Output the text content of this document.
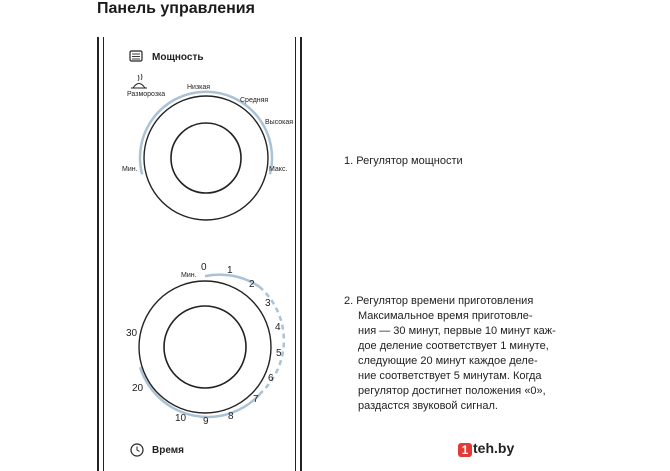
Панель управления
Мощность
Разморозка
Низкая
Средняя
Высокая
Мин.	Макс.
Мин.
0 1
2
3
4
5
6
7
8
9
10
20
30
Время
1. Регулятор мощности
2. Регулятор времени приготовления
Максимальное время приготовле-
ния — 30 минут, первые 10 минут каж-
дое деление соответствует 1 минуте,
следующие 20 минут каждое деле-
ние соответствует 5 минутам. Когда
регулятор достигнет положения «0»,
раздастся звуковой сигнал.
1 teh.by
